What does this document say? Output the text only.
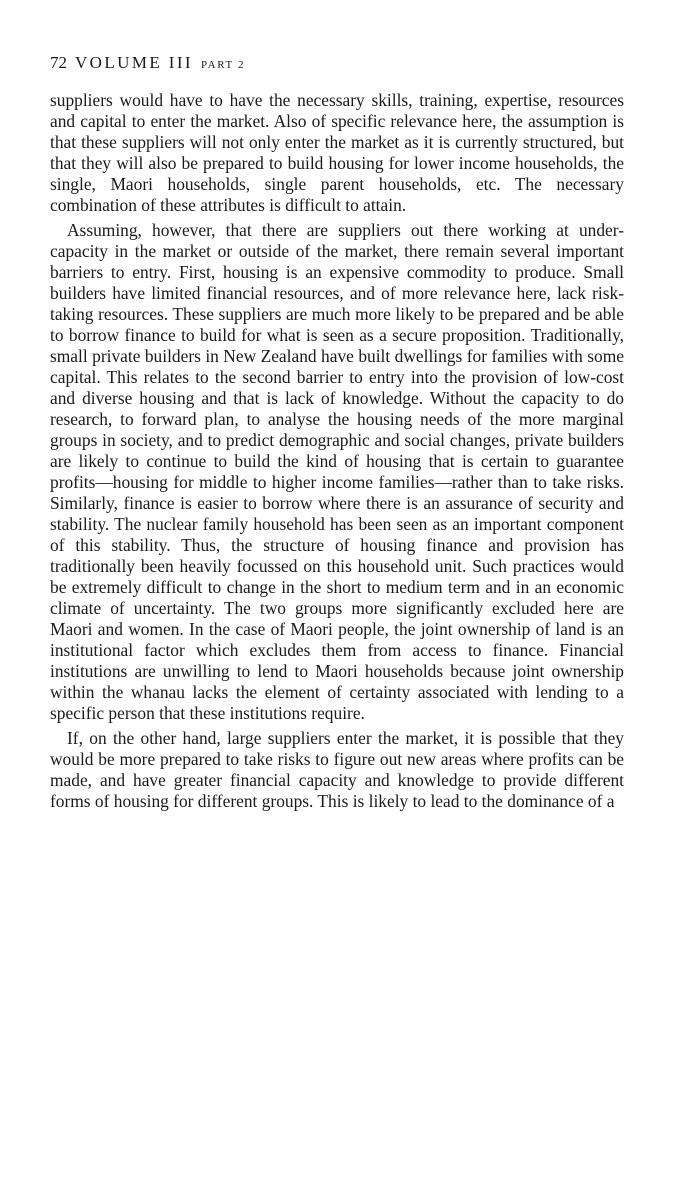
72 VOLUME III PART 2

suppliers would have to have the necessary skills, training, expertise, resources and capital to enter the market. Also of specific relevance here, the assumption is that these suppliers will not only enter the market as it is currently structured, but that they will also be prepared to build housing for lower income households, the single, Maori households, single parent households, etc. The necessary combination of these attributes is difficult to attain.

Assuming, however, that there are suppliers out there working at under-capacity in the market or outside of the market, there remain several important barriers to entry. First, housing is an expensive commodity to produce. Small builders have limited financial resources, and of more relevance here, lack risk-taking resources. These suppliers are much more likely to be prepared and be able to borrow finance to build for what is seen as a secure proposition. Traditionally, small private builders in New Zealand have built dwellings for families with some capital. This relates to the second barrier to entry into the provision of low-cost and diverse housing and that is lack of knowledge. Without the capacity to do research, to forward plan, to analyse the housing needs of the more marginal groups in society, and to predict demographic and social changes, private builders are likely to continue to build the kind of housing that is certain to guarantee profits—housing for middle to higher income families—rather than to take risks. Similarly, finance is easier to borrow where there is an assurance of security and stability. The nuclear family household has been seen as an important component of this stability. Thus, the structure of housing finance and provision has traditionally been heavily focussed on this household unit. Such practices would be extremely difficult to change in the short to medium term and in an economic climate of uncertainty. The two groups more significantly excluded here are Maori and women. In the case of Maori people, the joint ownership of land is an institutional factor which excludes them from access to finance. Financial institutions are unwilling to lend to Maori households because joint ownership within the whanau lacks the element of certainty associated with lending to a specific person that these institutions require.

If, on the other hand, large suppliers enter the market, it is possible that they would be more prepared to take risks to figure out new areas where profits can be made, and have greater financial capacity and knowledge to provide different forms of housing for different groups. This is likely to lead to the dominance of a
